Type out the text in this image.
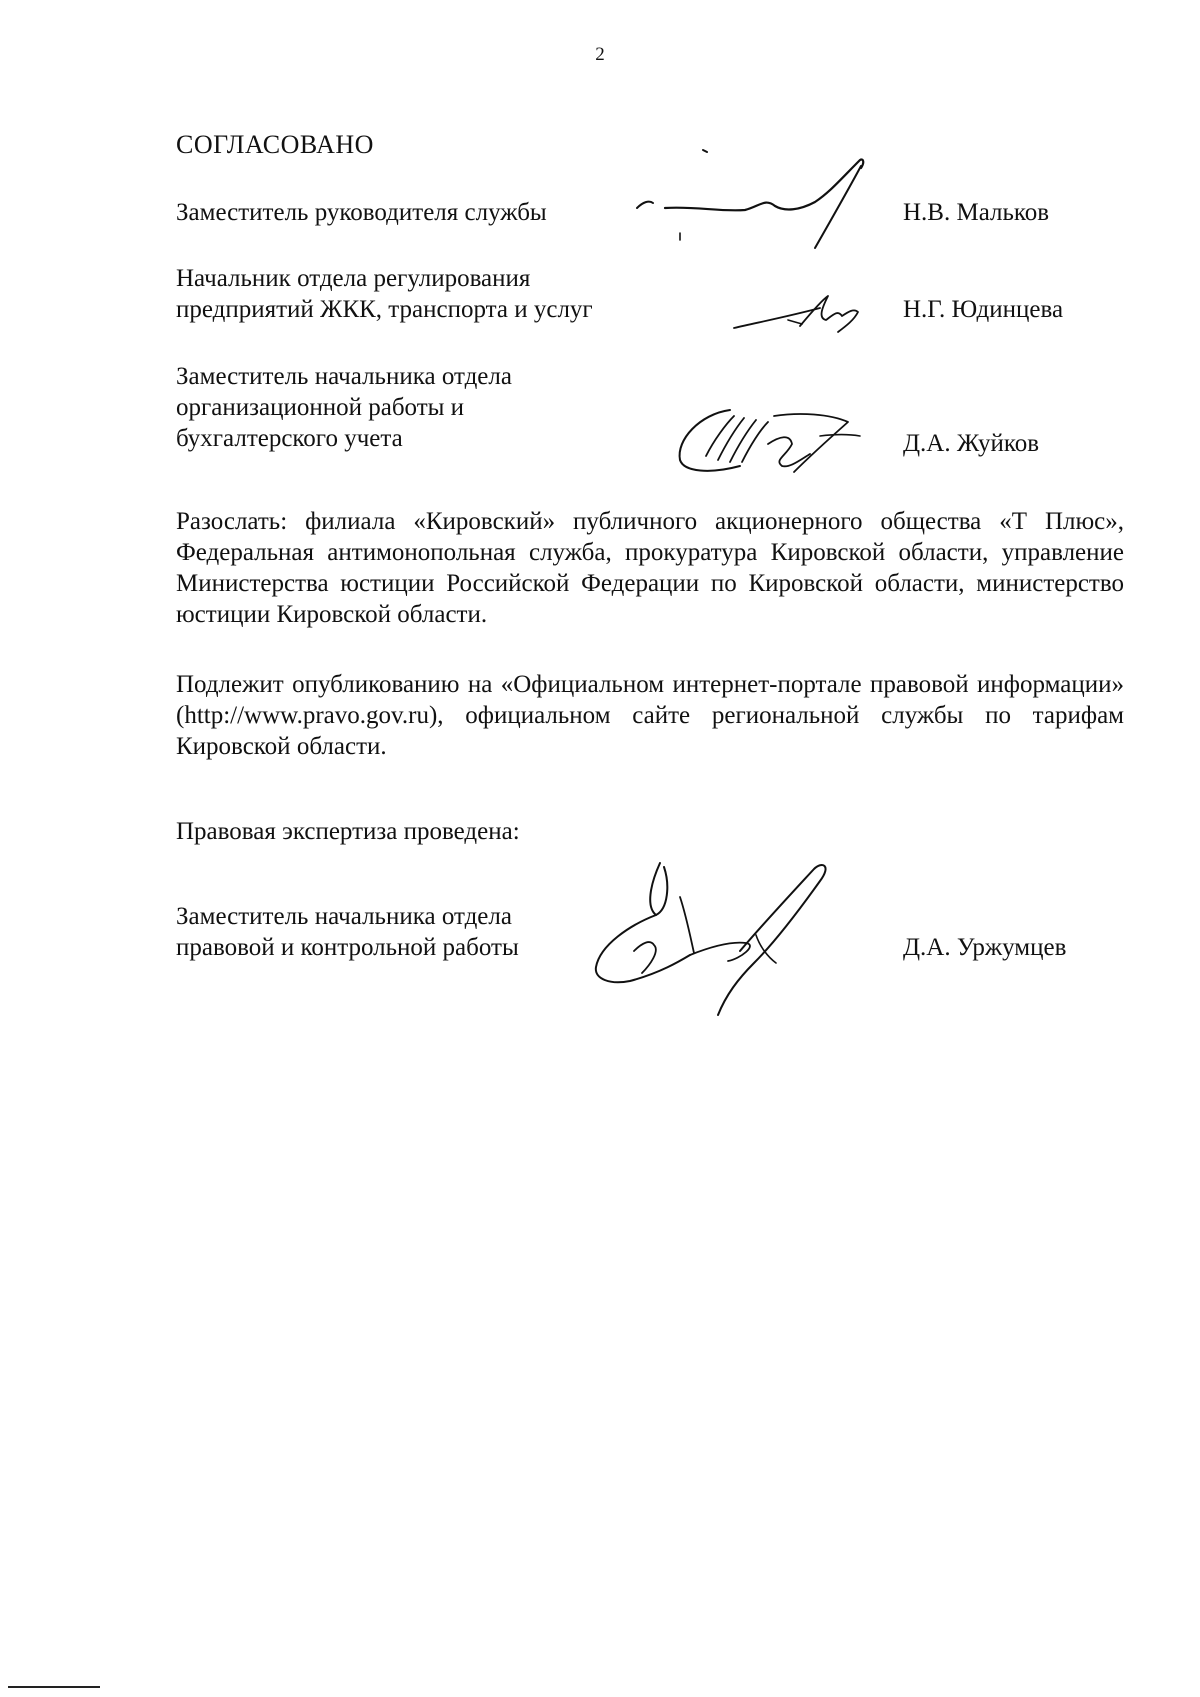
2
СОГЛАСОВАНО
Заместитель руководителя службы	Н.В. Мальков
Начальник отдела регулирования
предприятий ЖКК, транспорта и услуг	Н.Г. Юдинцева
Заместитель начальника отдела
организационной работы и
бухгалтерского учета	Д.А. Жуйков
Разослать: филиала «Кировский» публичного акционерного общества «Т Плюс», Федеральная антимонопольная служба, прокуратура Кировской области, управление Министерства юстиции Российской Федерации по Кировской области, министерство юстиции Кировской области.
Подлежит опубликованию на «Официальном интернет-портале правовой информации» (http://www.pravo.gov.ru), официальном сайте региональной службы по тарифам Кировской области.
Правовая экспертиза проведена:
Заместитель начальника отдела
правовой и контрольной работы	Д.А. Уржумцев
